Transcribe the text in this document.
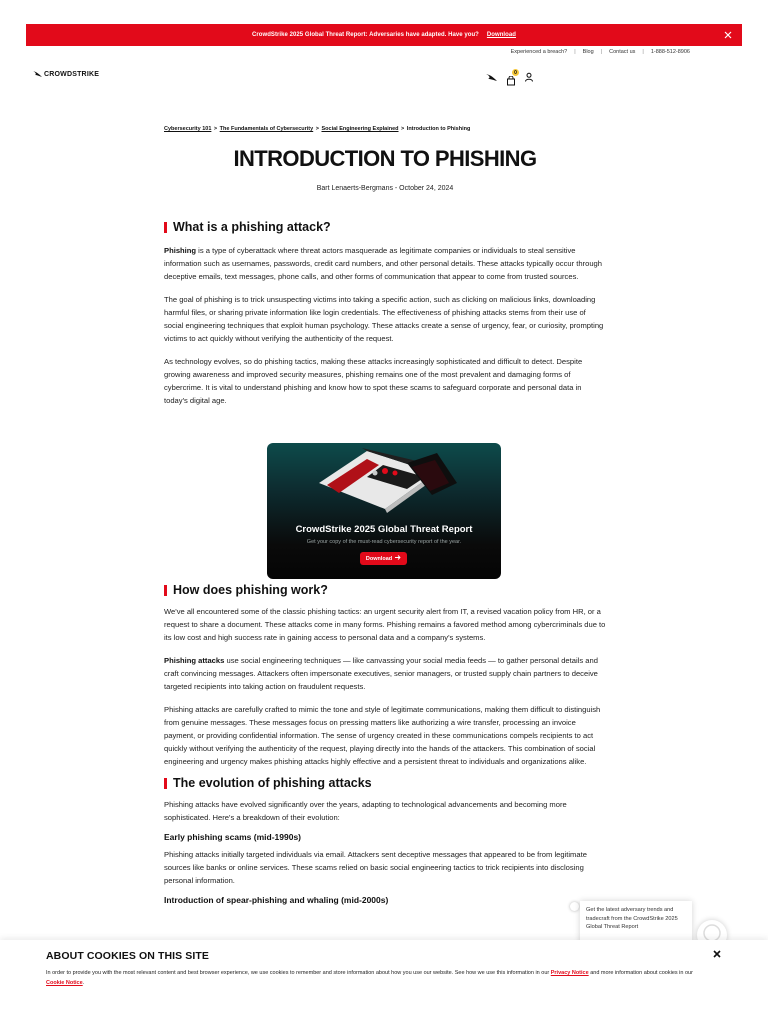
CrowdStrike 2025 Global Threat Report: Adversaries have adapted. Have you? Download
Experienced a breach? | Blog | Contact us | 1-888-512-8906
CROWDSTRIKE	0
Cybersecurity 101 > The Fundamentals of Cybersecurity > Social Engineering Explained > Introduction to Phishing
INTRODUCTION TO PHISHING
Bart Lenaerts-Bergmans - October 24, 2024
What is a phishing attack?

Phishing is a type of cyberattack where threat actors masquerade as legitimate companies or individuals to steal sensitive information such as usernames, passwords, credit card numbers, and other personal details. These attacks typically occur through deceptive emails, text messages, phone calls, and other forms of communication that appear to come from trusted sources.

The goal of phishing is to trick unsuspecting victims into taking a specific action, such as clicking on malicious links, downloading harmful files, or sharing private information like login credentials. The effectiveness of phishing attacks stems from their use of social engineering techniques that exploit human psychology. These attacks create a sense of urgency, fear, or curiosity, prompting victims to act quickly without verifying the authenticity of the request.

As technology evolves, so do phishing tactics, making these attacks increasingly sophisticated and difficult to detect. Despite growing awareness and improved security measures, phishing remains one of the most prevalent and damaging forms of cybercrime. It is vital to understand phishing and know how to spot these scams to safeguard corporate and personal data in today's digital age.

How does phishing work?

We've all encountered some of the classic phishing tactics: an urgent security alert from IT, a revised vacation policy from HR, or a request to share a document. These attacks come in many forms. Phishing remains a favored method among cybercriminals due to its low cost and high success rate in gaining access to personal data and a company's systems.

Phishing attacks use social engineering techniques — like canvassing your social media feeds — to gather personal details and craft convincing messages. Attackers often impersonate executives, senior managers, or trusted supply chain partners to deceive targeted recipients into taking action on fraudulent requests.

Phishing attacks are carefully crafted to mimic the tone and style of legitimate communications, making them difficult to distinguish from genuine messages. These messages focus on pressing matters like authorizing a wire transfer, processing an invoice payment, or providing confidential information. The sense of urgency created in these communications compels recipients to act quickly without verifying the authenticity of the request, playing directly into the hands of the attackers. This combination of social engineering and urgency makes phishing attacks highly effective and a persistent threat to individuals and organizations alike.

The evolution of phishing attacks

Phishing attacks have evolved significantly over the years, adapting to technological advancements and becoming more sophisticated. Here's a breakdown of their evolution:

Early phishing scams (mid-1990s)

Phishing attacks initially targeted individuals via email. Attackers sent deceptive messages that appeared to be from legitimate sources like banks or online services. These scams relied on basic social engineering tactics to trick recipients into disclosing personal information.

Introduction of spear-phishing and whaling (mid-2000s)

CrowdStrike 2025 Global Threat Report
Get your copy of the must-read cybersecurity report of the year.
Download
Get the latest adversary trends and tradecraft from the CrowdStrike 2025 Global Threat Report
ABOUT COOKIES ON THIS SITE
In order to provide you with the most relevant content and best browser experience, we use cookies to remember and store information about how you use our website. See how we use this information in our Privacy Notice and more information about cookies in our Cookie Notice.
